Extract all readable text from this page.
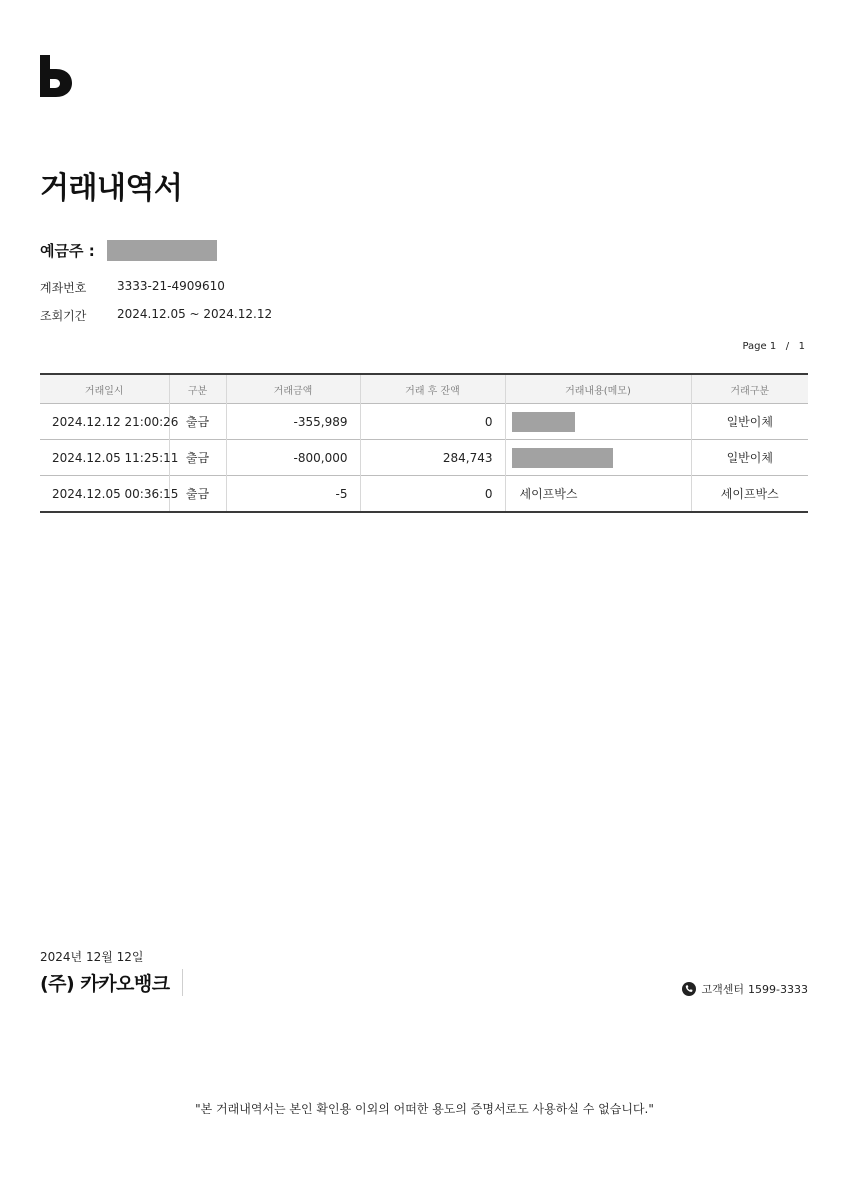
거래내역서
예금주 :
계좌번호	3333-21-4909610
조회기간	2024.12.05 ~ 2024.12.12
Page 1   /   1
거래일시	구분	거래금액	거래 후 잔액	거래내용(메모)	거래구분
2024.12.12 21:00:26	출금	-355,989	0		일반이체
2024.12.05 11:25:11	출금	-800,000	284,743		일반이체
2024.12.05 00:36:15	출금	-5	0	세이프박스	세이프박스
2024년 12월 12일
(주) 카카오뱅크	고객센터 1599-3333
"본 거래내역서는 본인 확인용 이외의 어떠한 용도의 증명서로도 사용하실 수 없습니다."
